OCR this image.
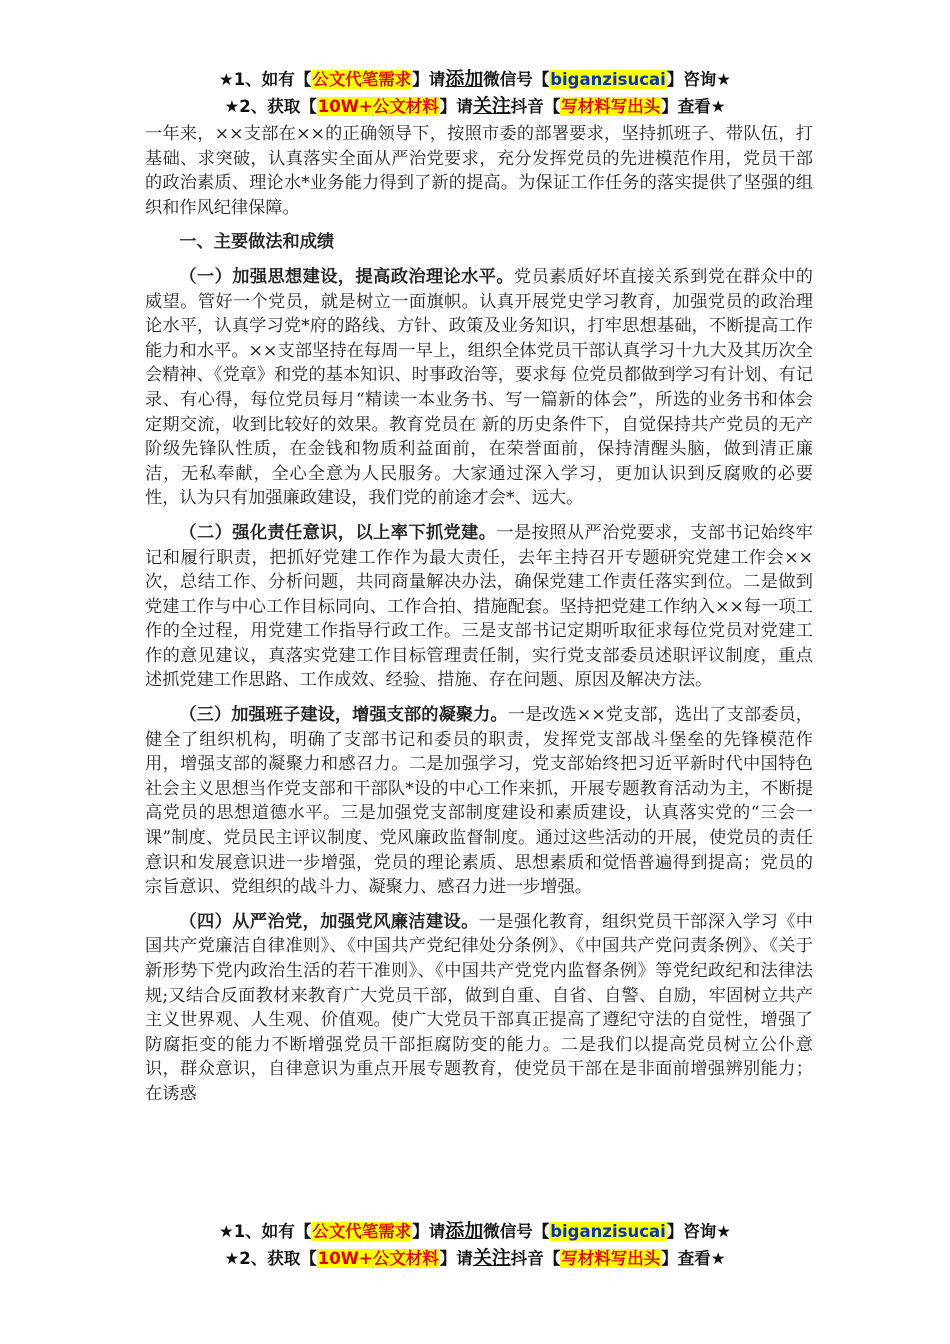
★1、如有【公文代笔需求】请添加微信号【biganzisucai】咨询★
★2、获取【10W+公文材料】请关注抖音【写材料写出头】查看★

一年来，××支部在××的正确领导下，按照市委的部署要求，坚持抓班子、带队伍，打基础、求突破，认真落实全面从严治党要求，充分发挥党员的先进模范作用，党员干部的政治素质、理论水*业务能力得到了新的提高。为保证工作任务的落实提供了坚强的组织和作风纪律保障。

一、主要做法和成绩

（一）加强思想建设，提高政治理论水平。党员素质好坏直接关系到党在群众中的威望。管好一个党员，就是树立一面旗帜。认真开展党史学习教育，加强党员的政治理论水平，认真学习党*府的路线、方针、政策及业务知识，打牢思想基础，不断提高工作能力和水平。××支部坚持在每周一早上，组织全体党员干部认真学习十九大及其历次全会精神、《党章》和党的基本知识、时事政治等，要求每 位党员都做到学习有计划、有记录、有心得，每位党员每月“精读一本业务书、写一篇新的体会”，所选的业务书和体会定期交流，收到比较好的效果。教育党员在 新的历史条件下，自觉保持共产党员的无产阶级先锋队性质，在金钱和物质利益面前，在荣誉面前，保持清醒头脑，做到清正廉洁，无私奉献，全心全意为人民服务。大家通过深入学习，更加认识到反腐败的必要性，认为只有加强廉政建设，我们党的前途才会*、远大。

（二）强化责任意识，以上率下抓党建。一是按照从严治党要求，支部书记始终牢记和履行职责，把抓好党建工作作为最大责任，去年主持召开专题研究党建工作会××次，总结工作、分析问题，共同商量解决办法，确保党建工作责任落实到位。二是做到党建工作与中心工作目标同向、工作合拍、措施配套。坚持把党建工作纳入××每一项工作的全过程，用党建工作指导行政工作。三是支部书记定期听取征求每位党员对党建工作的意见建议，真落实党建工作目标管理责任制，实行党支部委员述职评议制度，重点述抓党建工作思路、工作成效、经验、措施、存在问题、原因及解决方法。

（三）加强班子建设，增强支部的凝聚力。一是改选××党支部，选出了支部委员，健全了组织机构，明确了支部书记和委员的职责，发挥党支部战斗堡垒的先锋模范作用，增强支部的凝聚力和感召力。二是加强学习，党支部始终把习近平新时代中国特色社会主义思想当作党支部和干部队*设的中心工作来抓，开展专题教育活动为主，不断提高党员的思想道德水平。三是加强党支部制度建设和素质建设，认真落实党的“三会一课”制度、党员民主评议制度、党风廉政监督制度。通过这些活动的开展，使党员的责任意识和发展意识进一步增强，党员的理论素质、思想素质和觉悟普遍得到提高；党员的宗旨意识、党组织的战斗力、凝聚力、感召力进一步增强。

（四）从严治党，加强党风廉洁建设。一是强化教育，组织党员干部深入学习《中国共产党廉洁自律准则》、《中国共产党纪律处分条例》、《中国共产党问责条例》、《关于新形势下党内政治生活的若干准则》、《中国共产党党内监督条例》等党纪政纪和法律法规;又结合反面教材来教育广大党员干部，做到自重、自省、自警、自励，牢固树立共产主义世界观、人生观、价值观。使广大党员干部真正提高了遵纪守法的自觉性，增强了防腐拒变的能力不断增强党员干部拒腐防变的能力。二是我们以提高党员树立公仆意识，群众意识，自律意识为重点开展专题教育，使党员干部在是非面前增强辨别能力；在诱惑

★1、如有【公文代笔需求】请添加微信号【biganzisucai】咨询★
★2、获取【10W+公文材料】请关注抖音【写材料写出头】查看★
